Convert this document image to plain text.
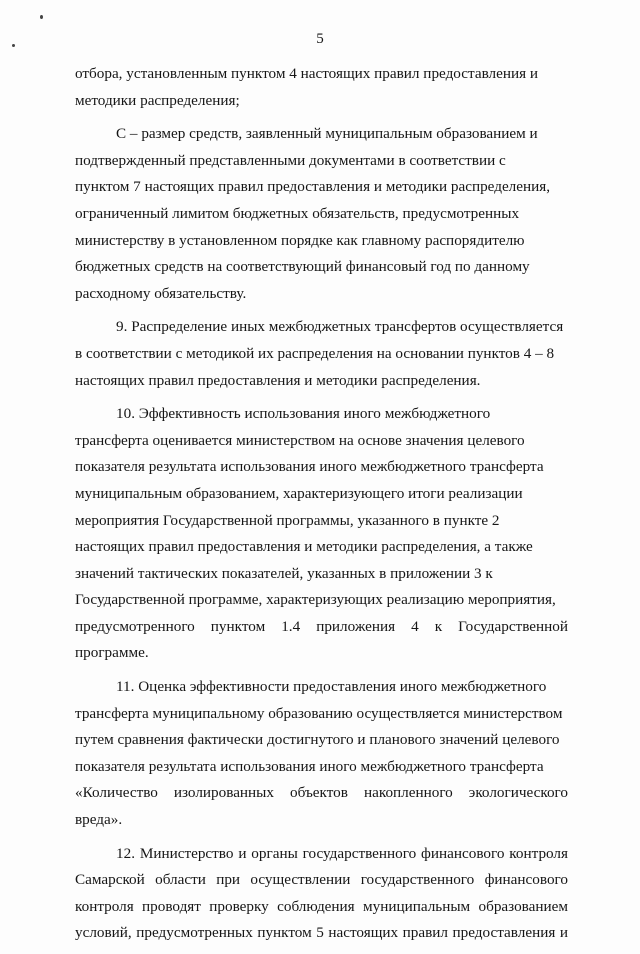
5

отбора, установленным пунктом 4 настоящих правил предоставления и
методики распределения;

C – размер средств, заявленный муниципальным образованием и
подтвержденный представленными документами в соответствии с
пунктом 7 настоящих правил предоставления и методики распределения,
ограниченный лимитом бюджетных обязательств, предусмотренных
министерству в установленном порядке как главному распорядителю
бюджетных средств на соответствующий финансовый год по данному
расходному обязательству.

9. Распределение иных межбюджетных трансфертов осуществляется
в соответствии с методикой их распределения на основании пунктов 4 – 8
настоящих правил предоставления и методики распределения.

10. Эффективность использования иного межбюджетного
трансферта оценивается министерством на основе значения целевого
показателя результата использования иного межбюджетного трансферта
муниципальным образованием, характеризующего итоги реализации
мероприятия Государственной программы, указанного в пункте 2
настоящих правил предоставления и методики распределения, а также
значений тактических показателей, указанных в приложении 3 к
Государственной программе, характеризующих реализацию мероприятия,
предусмотренного пунктом 1.4 приложения 4 к Государственной программе.

11. Оценка эффективности предоставления иного межбюджетного
трансферта муниципальному образованию осуществляется министерством
путем сравнения фактически достигнутого и планового значений целевого
показателя результата использования иного межбюджетного трансферта
«Количество изолированных объектов накопленного экологического вреда».

12. Министерство и органы государственного финансового контроля
Самарской области при осуществлении государственного финансового
контроля проводят проверку соблюдения муниципальным образованием
условий, предусмотренных пунктом 5 настоящих правил предоставления и
